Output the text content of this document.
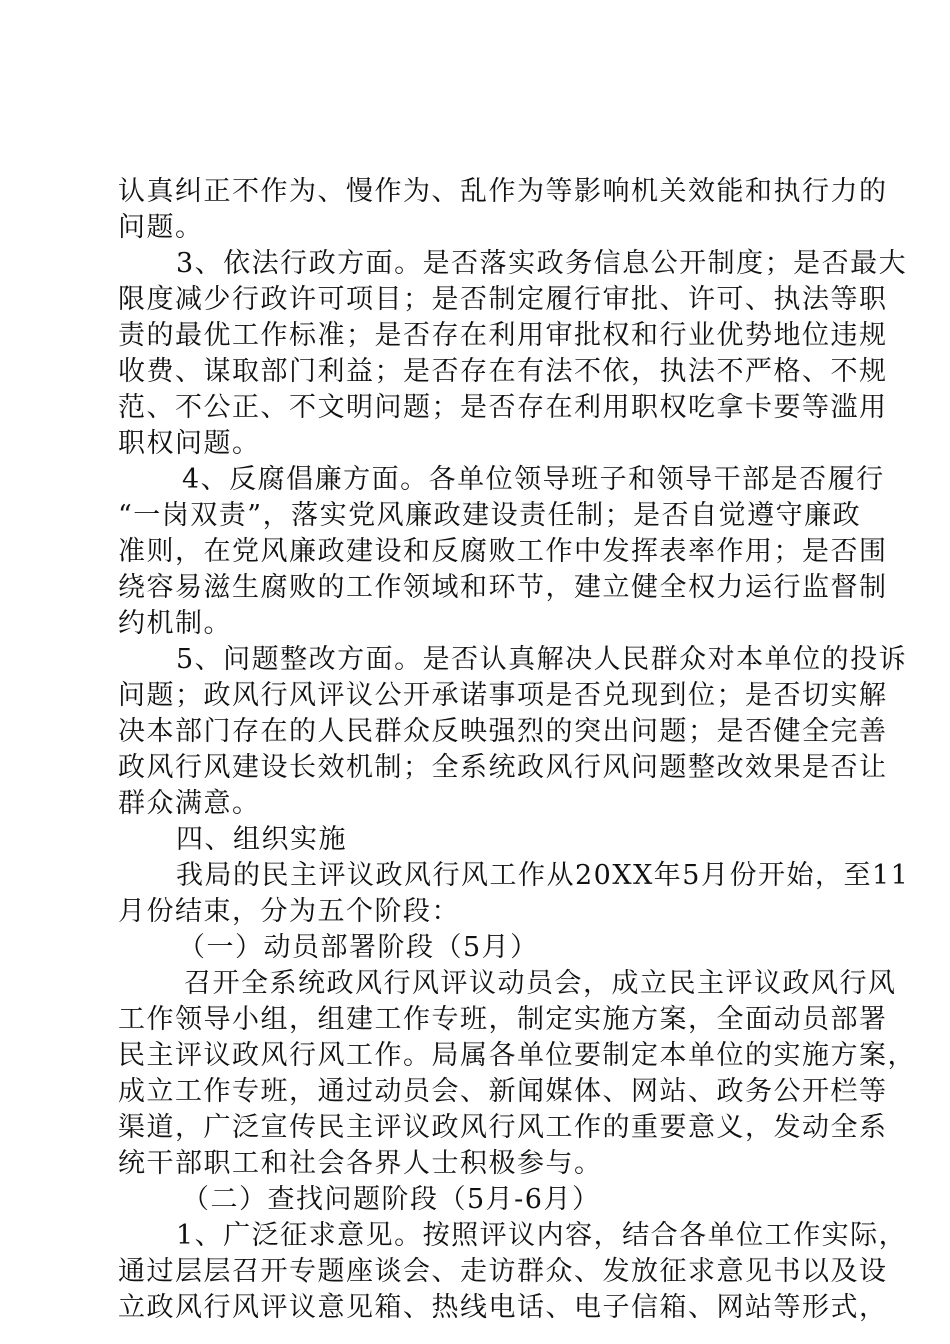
认真纠正不作为、慢作为、乱作为等影响机关效能和执行力的
问题。
3、依法行政方面。是否落实政务信息公开制度；是否最大
限度减少行政许可项目；是否制定履行审批、许可、执法等职
责的最优工作标准；是否存在利用审批权和行业优势地位违规
收费、谋取部门利益；是否存在有法不依，执法不严格、不规
范、不公正、不文明问题；是否存在利用职权吃拿卡要等滥用
职权问题。
4、反腐倡廉方面。各单位领导班子和领导干部是否履行
“一岗双责”，落实党风廉政建设责任制；是否自觉遵守廉政
准则，在党风廉政建设和反腐败工作中发挥表率作用；是否围
绕容易滋生腐败的工作领域和环节，建立健全权力运行监督制
约机制。
5、问题整改方面。是否认真解决人民群众对本单位的投诉
问题；政风行风评议公开承诺事项是否兑现到位；是否切实解
决本部门存在的人民群众反映强烈的突出问题；是否健全完善
政风行风建设长效机制；全系统政风行风问题整改效果是否让
群众满意。
四、组织实施
我局的民主评议政风行风工作从20XX年5月份开始，至11
月份结束，分为五个阶段：
（一）动员部署阶段（5月）
召开全系统政风行风评议动员会，成立民主评议政风行风
工作领导小组，组建工作专班，制定实施方案，全面动员部署
民主评议政风行风工作。局属各单位要制定本单位的实施方案，
成立工作专班，通过动员会、新闻媒体、网站、政务公开栏等
渠道，广泛宣传民主评议政风行风工作的重要意义，发动全系
统干部职工和社会各界人士积极参与。
（二）查找问题阶段（5月-6月）
1、广泛征求意见。按照评议内容，结合各单位工作实际，
通过层层召开专题座谈会、走访群众、发放征求意见书以及设
立政风行风评议意见箱、热线电话、电子信箱、网站等形式，
